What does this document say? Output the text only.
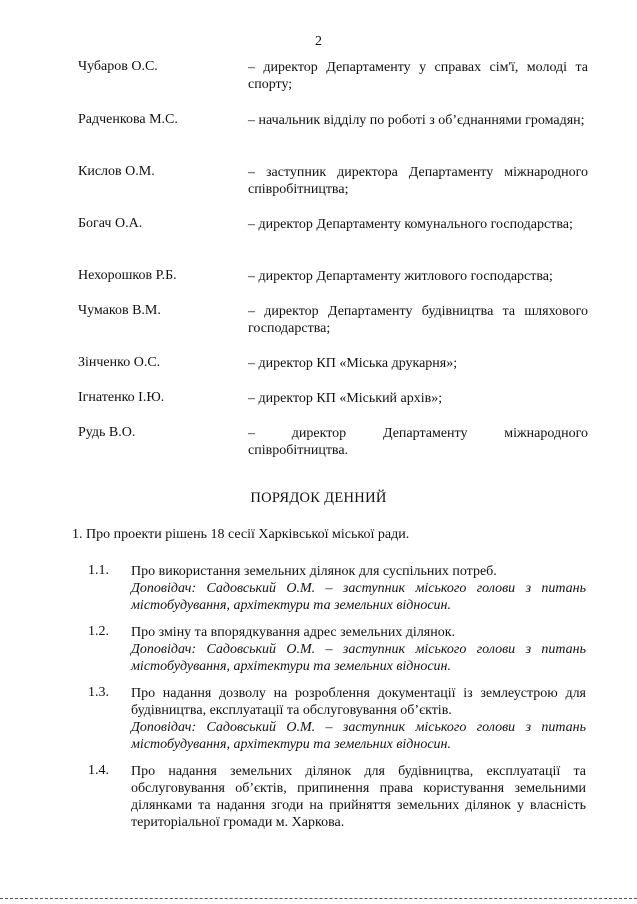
2
Чубаров О.С.	– директор Департаменту у справах сім'ї, молоді та спорту;
Радченкова М.С.	– начальник відділу по роботі з об’єднаннями громадян;
Кислов О.М.	– заступник директора Департаменту міжнародного співробітництва;
Богач О.А.	– директор Департаменту комунального господарства;
Нехорошков Р.Б.	– директор Департаменту житлового господарства;
Чумаков В.М.	– директор Департаменту будівництва та шляхового господарства;
Зінченко О.С.	– директор КП «Міська друкарня»;
Ігнатенко І.Ю.	– директор КП «Міський архів»;
Рудь В.О.	– директор Департаменту міжнародного співробітництва.
ПОРЯДОК ДЕННИЙ
1. Про проекти рішень 18 сесії Харківської міської ради.
1.1. Про використання земельних ділянок для суспільних потреб.
Доповідач: Садовський О.М. – заступник міського голови з питань містобудування, архітектури та земельних відносин.
1.2. Про зміну та впорядкування адрес земельних ділянок.
Доповідач: Садовський О.М. – заступник міського голови з питань містобудування, архітектури та земельних відносин.
1.3. Про надання дозволу на розроблення документації із землеустрою для будівництва, експлуатації та обслуговування об’єктів.
Доповідач: Садовський О.М. – заступник міського голови з питань містобудування, архітектури та земельних відносин.
1.4. Про надання земельних ділянок для будівництва, експлуатації та обслуговування об’єктів, припинення права користування земельними ділянками та надання згоди на прийняття земельних ділянок у власність територіальної громади м. Харкова.
